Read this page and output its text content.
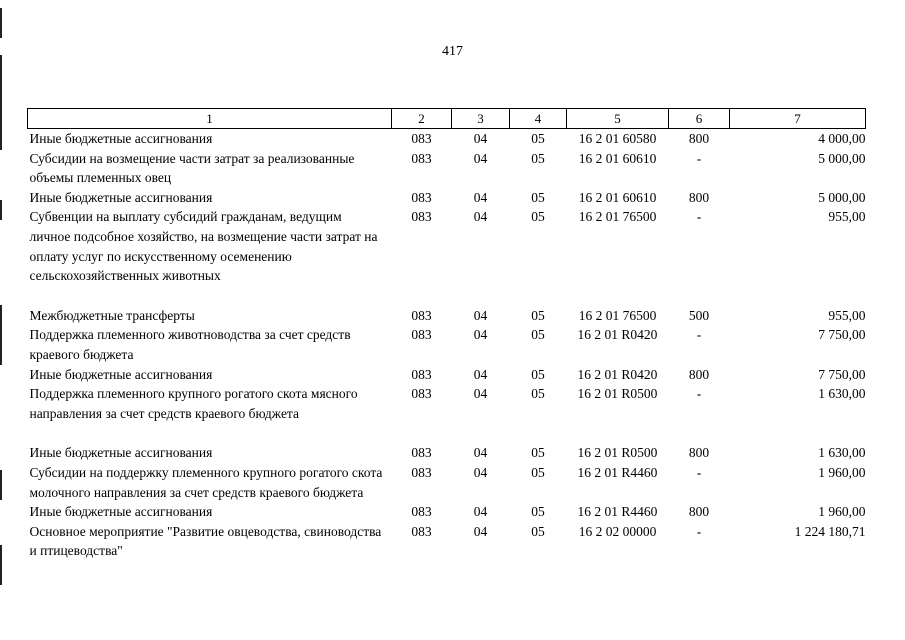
417
1	2	3	4	5	6	7
Иные бюджетные ассигнования	083	04	05	16 2 01 60580	800	4 000,00
Субсидии на возмещение части затрат за реализованные объемы племенных овец	083	04	05	16 2 01 60610	-	5 000,00
Иные бюджетные ассигнования	083	04	05	16 2 01 60610	800	5 000,00
Субвенции на выплату субсидий гражданам, ведущим личное подсобное хозяйство, на возмещение части затрат на оплату услуг по искусственному осеменению сельскохозяйственных животных	083	04	05	16 2 01 76500	-	955,00
Межбюджетные трансферты	083	04	05	16 2 01 76500	500	955,00
Поддержка племенного животноводства за счет средств краевого бюджета	083	04	05	16 2 01 R0420	-	7 750,00
Иные бюджетные ассигнования	083	04	05	16 2 01 R0420	800	7 750,00
Поддержка племенного крупного рогатого скота мясного направления за счет средств краевого бюджета	083	04	05	16 2 01 R0500	-	1 630,00
Иные бюджетные ассигнования	083	04	05	16 2 01 R0500	800	1 630,00
Субсидии на поддержку племенного крупного рогатого скота молочного направления за счет средств краевого бюджета	083	04	05	16 2 01 R4460	-	1 960,00
Иные бюджетные ассигнования	083	04	05	16 2 01 R4460	800	1 960,00
Основное мероприятие "Развитие овцеводства, свиноводства и птицеводства"	083	04	05	16 2 02 00000	-	1 224 180,71
